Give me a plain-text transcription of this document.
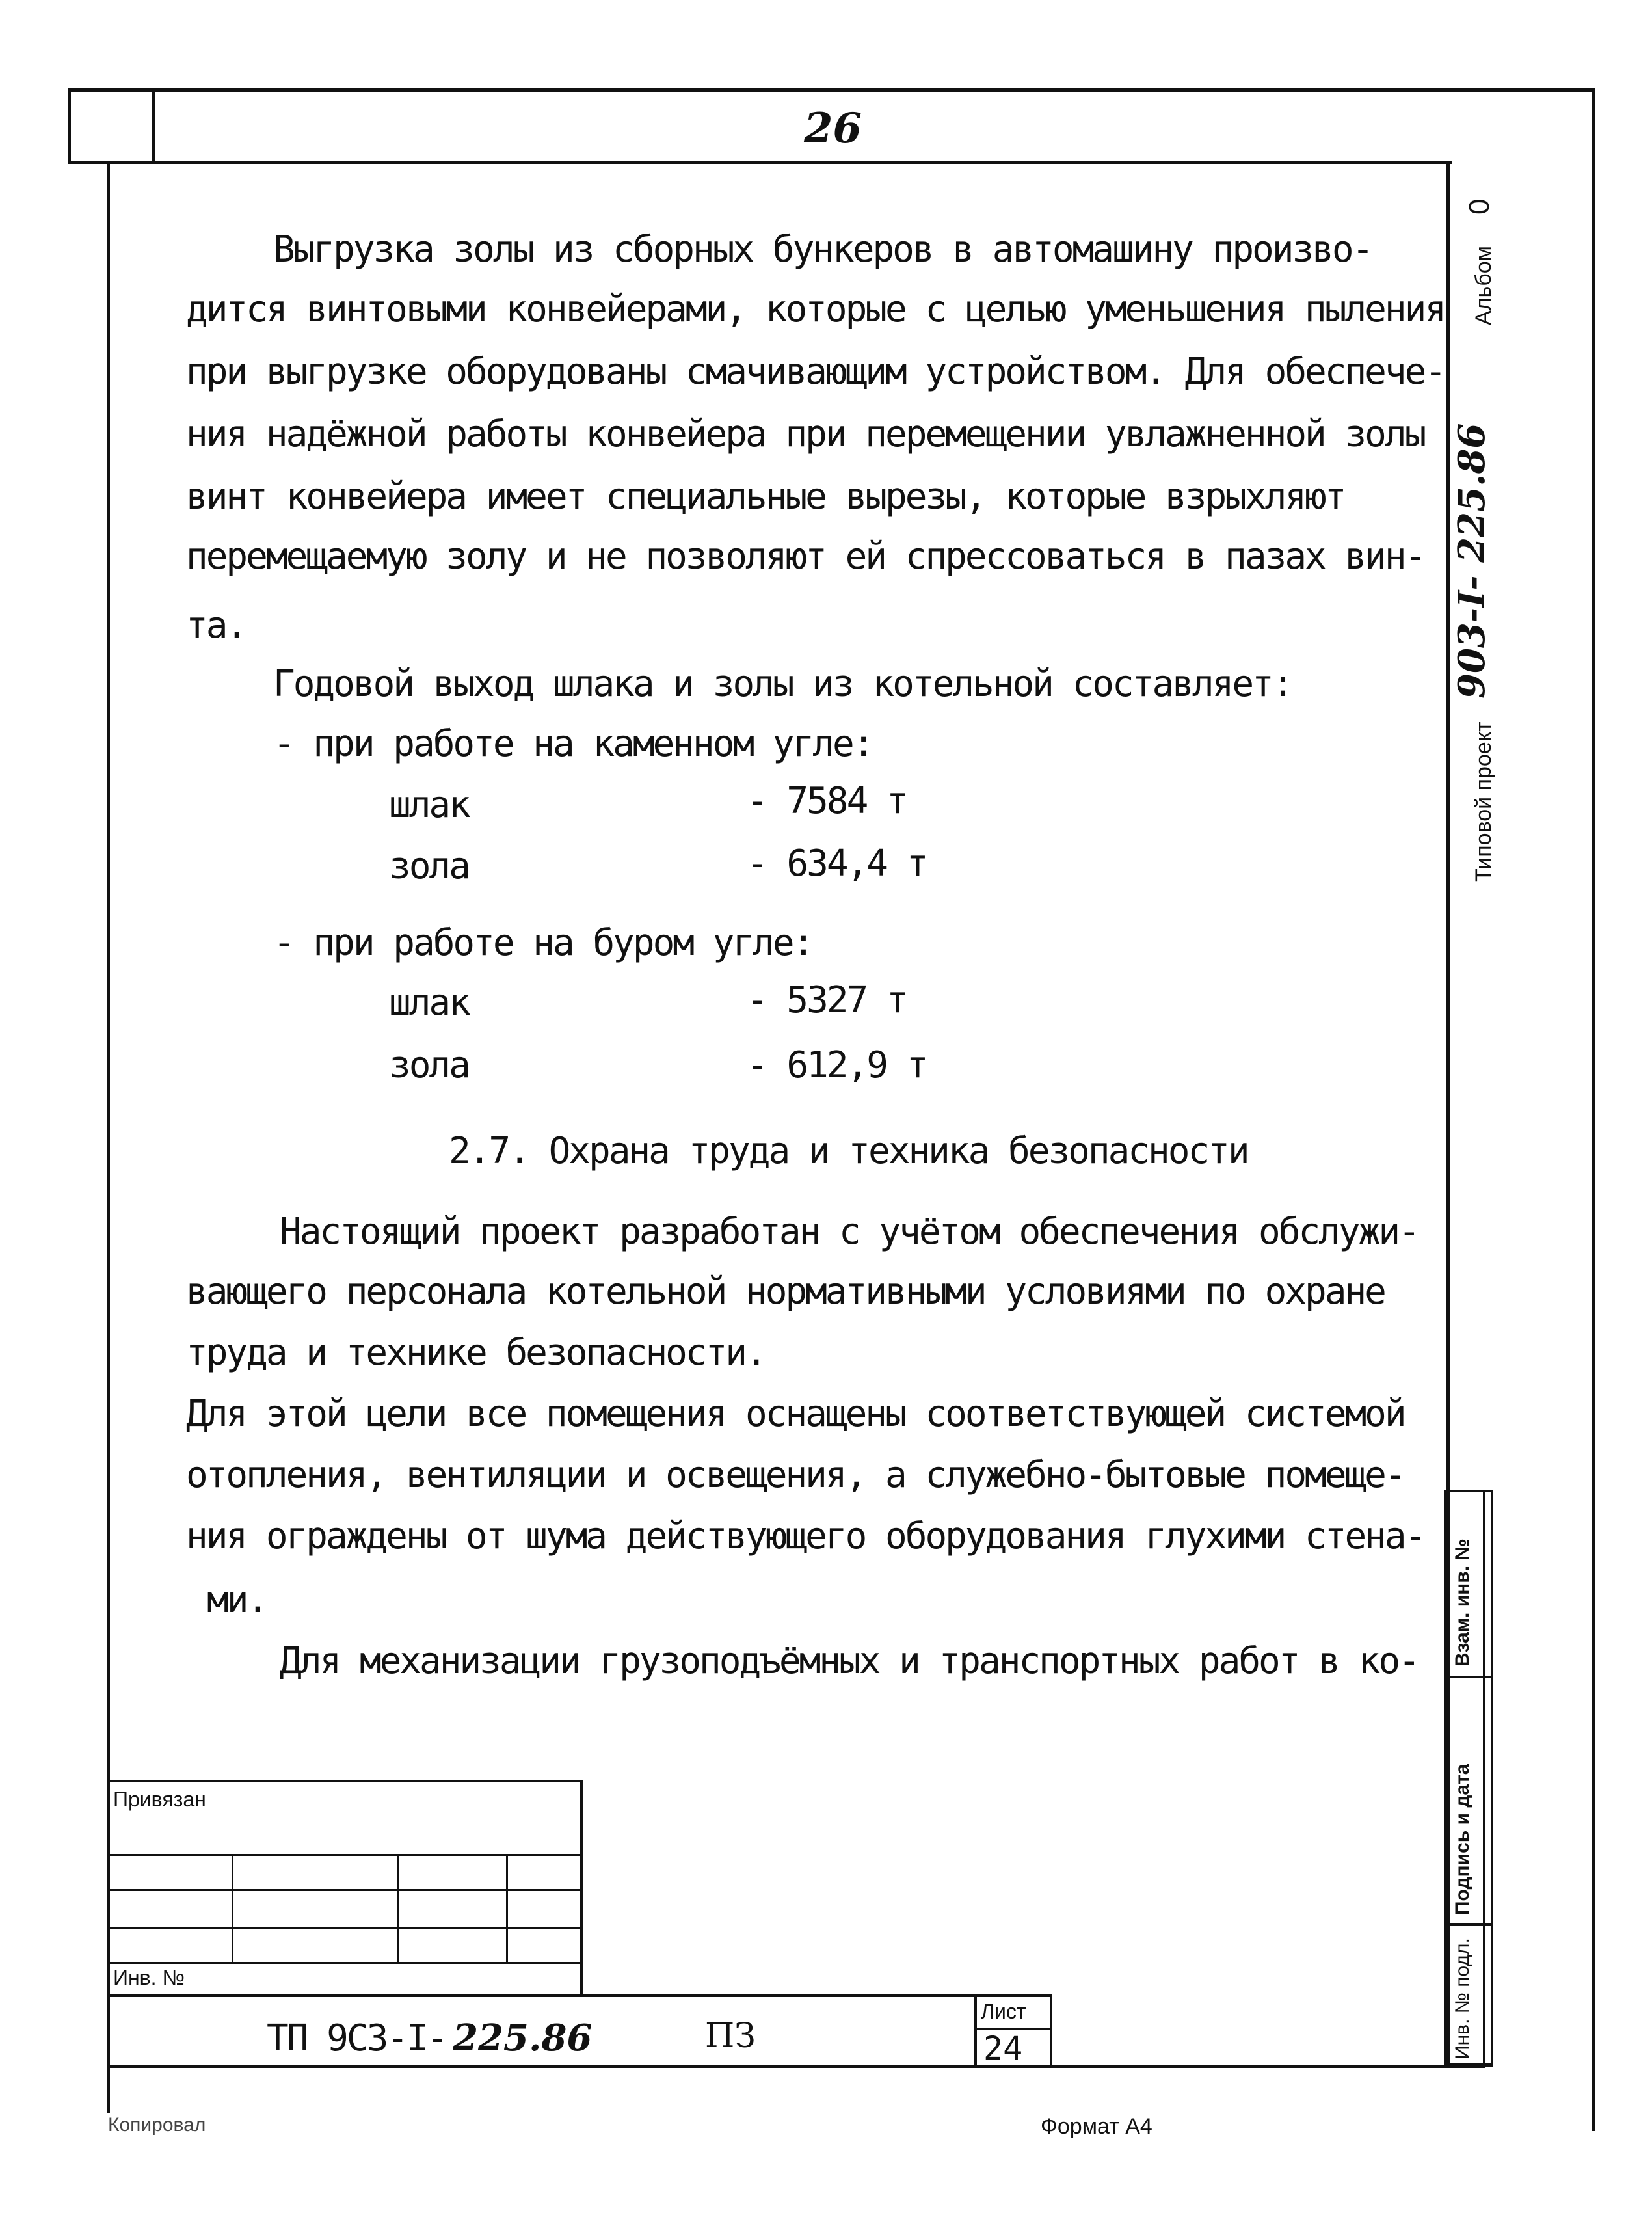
26
Выгрузка золы из сборных бункеров в автомашину произво-
дится винтовыми конвейерами, которые с целью уменьшения пыления
при выгрузке оборудованы смачивающим устройством. Для обеспече-
ния надёжной работы конвейера при перемещении увлажненной золы
винт конвейера имеет специальные вырезы, которые взрыхляют
перемещаемую золу и не позволяют ей спрессоваться в пазах вин-
та.
Годовой выход шлака и золы из котельной составляет:
- при работе на каменном угле:
шлак	- 7584 т
зола	- 634,4 т
- при работе на буром угле:
шлак	- 5327 т
зола	- 612,9 т
2.7. Охрана труда и техника безопасности
Настоящий проект разработан с учётом обеспечения обслужи-
вающего персонала котельной нормативными условиями по охране
труда и технике безопасности.
Для этой цели все помещения оснащены соответствующей системой
отопления, вентиляции и освещения, а служебно-бытовые помеще-
ния ограждены от шума действующего оборудования глухими стена-
ми.
Для механизации грузоподъёмных и транспортных работ в ко-
Альбом
0
Типовой проект
903-I- 225.86
Взам. инв. №
Подпись и дата
Инв. № подл.
Привязан
Инв. №
ТП 9С3-I- 225.86	ПЗ
Лист
24
Копировал	Формат А4
